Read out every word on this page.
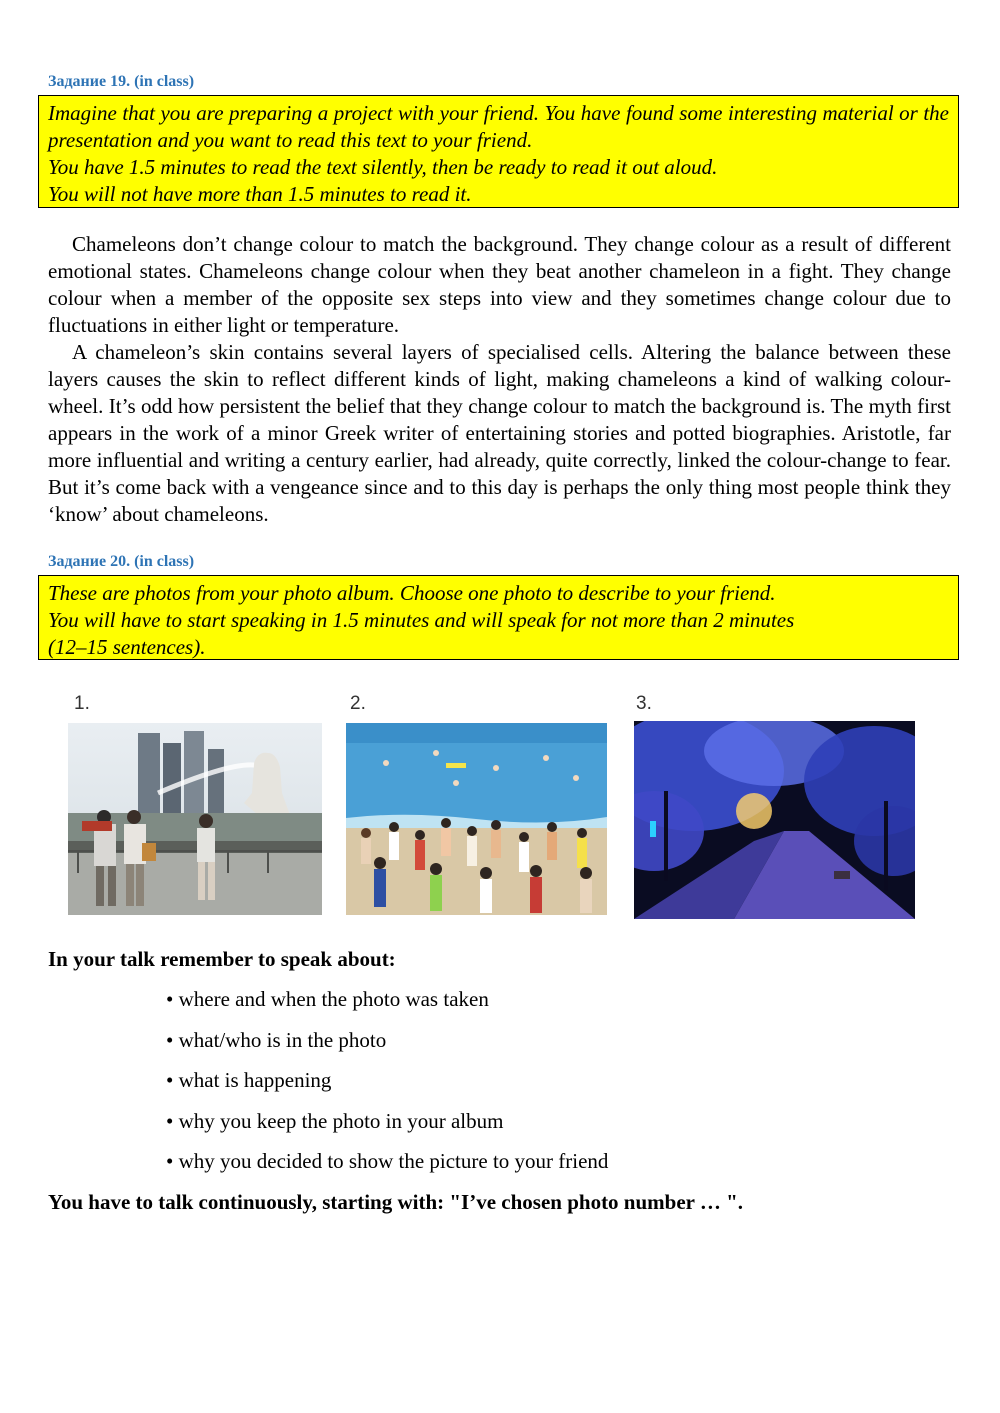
Задание 19. (in class)
Imagine that you are preparing a project with your friend. You have found some interesting material or the presentation and you want to read this text to your friend.
You have 1.5 minutes to read the text silently, then be ready to read it out aloud.
You will not have more than 1.5 minutes to read it.

Chameleons don’t change colour to match the background. They change colour as a result of different emotional states. Chameleons change colour when they beat another chameleon in a fight. They change colour when a member of the opposite sex steps into view and they sometimes change colour due to fluctuations in either light or temperature.

A chameleon’s skin contains several layers of specialised cells. Altering the balance between these layers causes the skin to reflect different kinds of light, making chameleons a kind of walking colour-wheel. It’s odd how persistent the belief that they change colour to match the background is. The myth first appears in the work of a minor Greek writer of entertaining stories and potted biographies. Aristotle, far more influential and writing a century earlier, had already, quite correctly, linked the colour-change to fear. But it’s come back with a vengeance since and to this day is perhaps the only thing most people think they ‘know’ about chameleons.

Задание 20. (in class)
These are photos from your photo album. Choose one photo to describe to your friend.
You will have to start speaking in 1.5 minutes and will speak for not more than 2 minutes
(12–15 sentences).
1.	2.	3.
In your talk remember to speak about:
• where and when the photo was taken
• what/who is in the photo
• what is happening
• why you keep the photo in your album
• why you decided to show the picture to your friend
You have to talk continuously, starting with: "I’ve chosen photo number … ".
